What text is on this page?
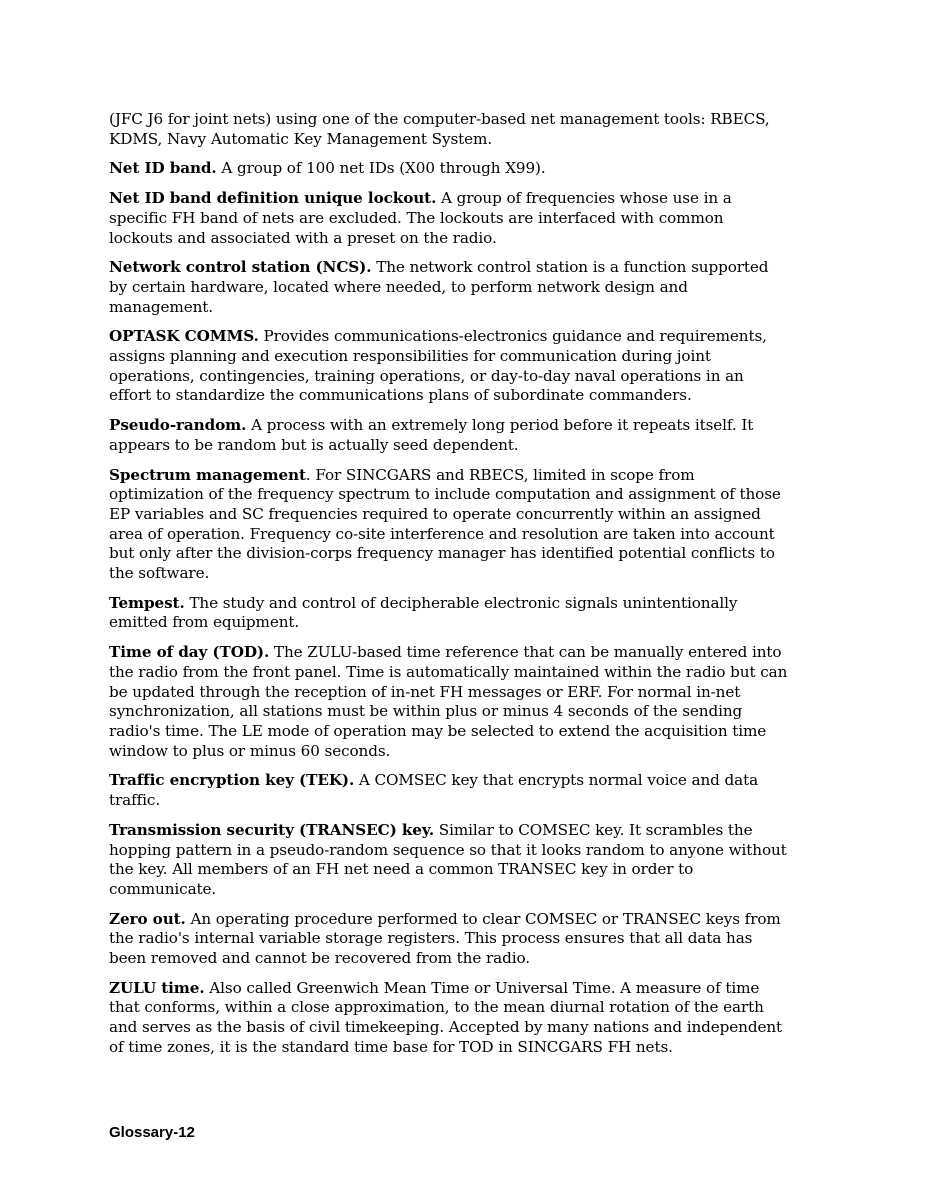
(JFC J6 for joint nets) using one of the computer-based net management tools: RBECS, KDMS, Navy Automatic Key Management System.

Net ID band. A group of 100 net IDs (X00 through X99).

Net ID band definition unique lockout. A group of frequencies whose use in a specific FH band of nets are excluded. The lockouts are interfaced with common lockouts and associated with a preset on the radio.

Network control station (NCS). The network control station is a function supported by certain hardware, located where needed, to perform network design and management.

OPTASK COMMS. Provides communications-electronics guidance and requirements, assigns planning and execution responsibilities for communication during joint operations, contingencies, training operations, or day-to-day naval operations in an effort to standardize the communications plans of subordinate commanders.

Pseudo-random. A process with an extremely long period before it repeats itself. It appears to be random but is actually seed dependent.

Spectrum management. For SINCGARS and RBECS, limited in scope from optimization of the frequency spectrum to include computation and assignment of those EP variables and SC frequencies required to operate concurrently within an assigned area of operation. Frequency co-site interference and resolution are taken into account but only after the division-corps frequency manager has identified potential conflicts to the software.

Tempest. The study and control of decipherable electronic signals unintentionally emitted from equipment.

Time of day (TOD). The ZULU-based time reference that can be manually entered into the radio from the front panel. Time is automatically maintained within the radio but can be updated through the reception of in-net FH messages or ERF. For normal in-net synchronization, all stations must be within plus or minus 4 seconds of the sending radio's time. The LE mode of operation may be selected to extend the acquisition time window to plus or minus 60 seconds.

Traffic encryption key (TEK). A COMSEC key that encrypts normal voice and data traffic.

Transmission security (TRANSEC) key. Similar to COMSEC key. It scrambles the hopping pattern in a pseudo-random sequence so that it looks random to anyone without the key. All members of an FH net need a common TRANSEC key in order to communicate.

Zero out. An operating procedure performed to clear COMSEC or TRANSEC keys from the radio's internal variable storage registers. This process ensures that all data has been removed and cannot be recovered from the radio.

ZULU time. Also called Greenwich Mean Time or Universal Time. A measure of time that conforms, within a close approximation, to the mean diurnal rotation of the earth and serves as the basis of civil timekeeping. Accepted by many nations and independent of time zones, it is the standard time base for TOD in SINCGARS FH nets.

Glossary-12
